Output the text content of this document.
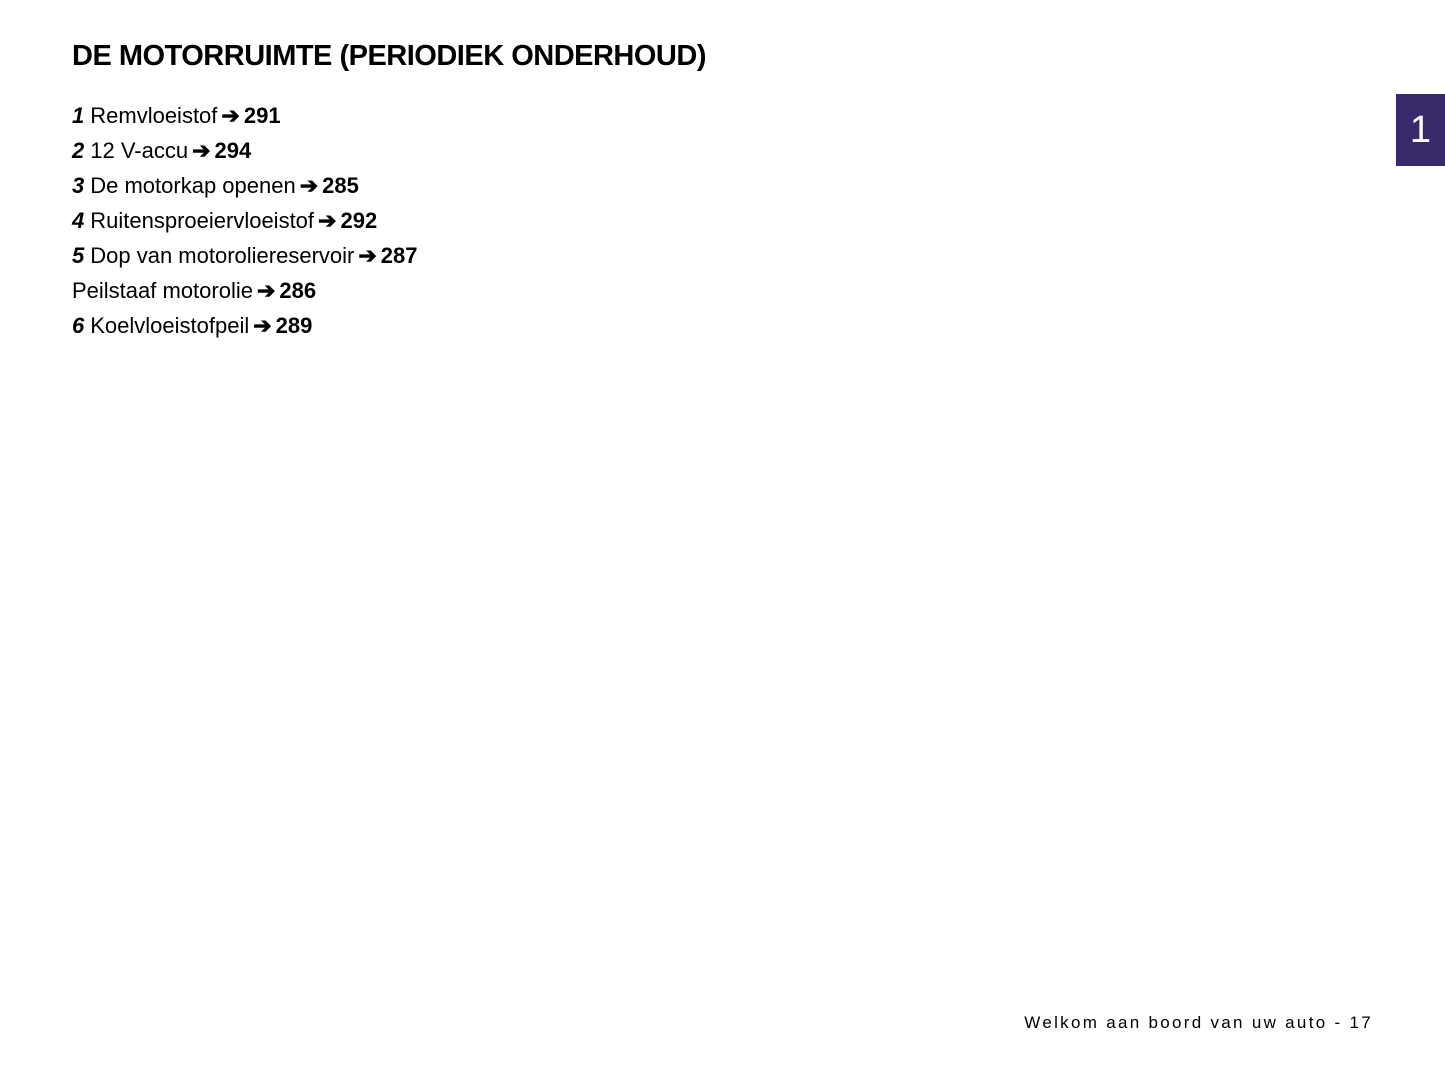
DE MOTORRUIMTE (PERIODIEK ONDERHOUD)
1 Remvloeistof ➔ 291
2 12 V-accu ➔ 294
3 De motorkap openen ➔ 285
4 Ruitensproeiervloeistof ➔ 292
5 Dop van motoroliereservoir ➔ 287
Peilstaaf motorolie ➔ 286
6 Koelvloeistofpeil ➔ 289
1
Welkom aan boord van uw auto - 17
